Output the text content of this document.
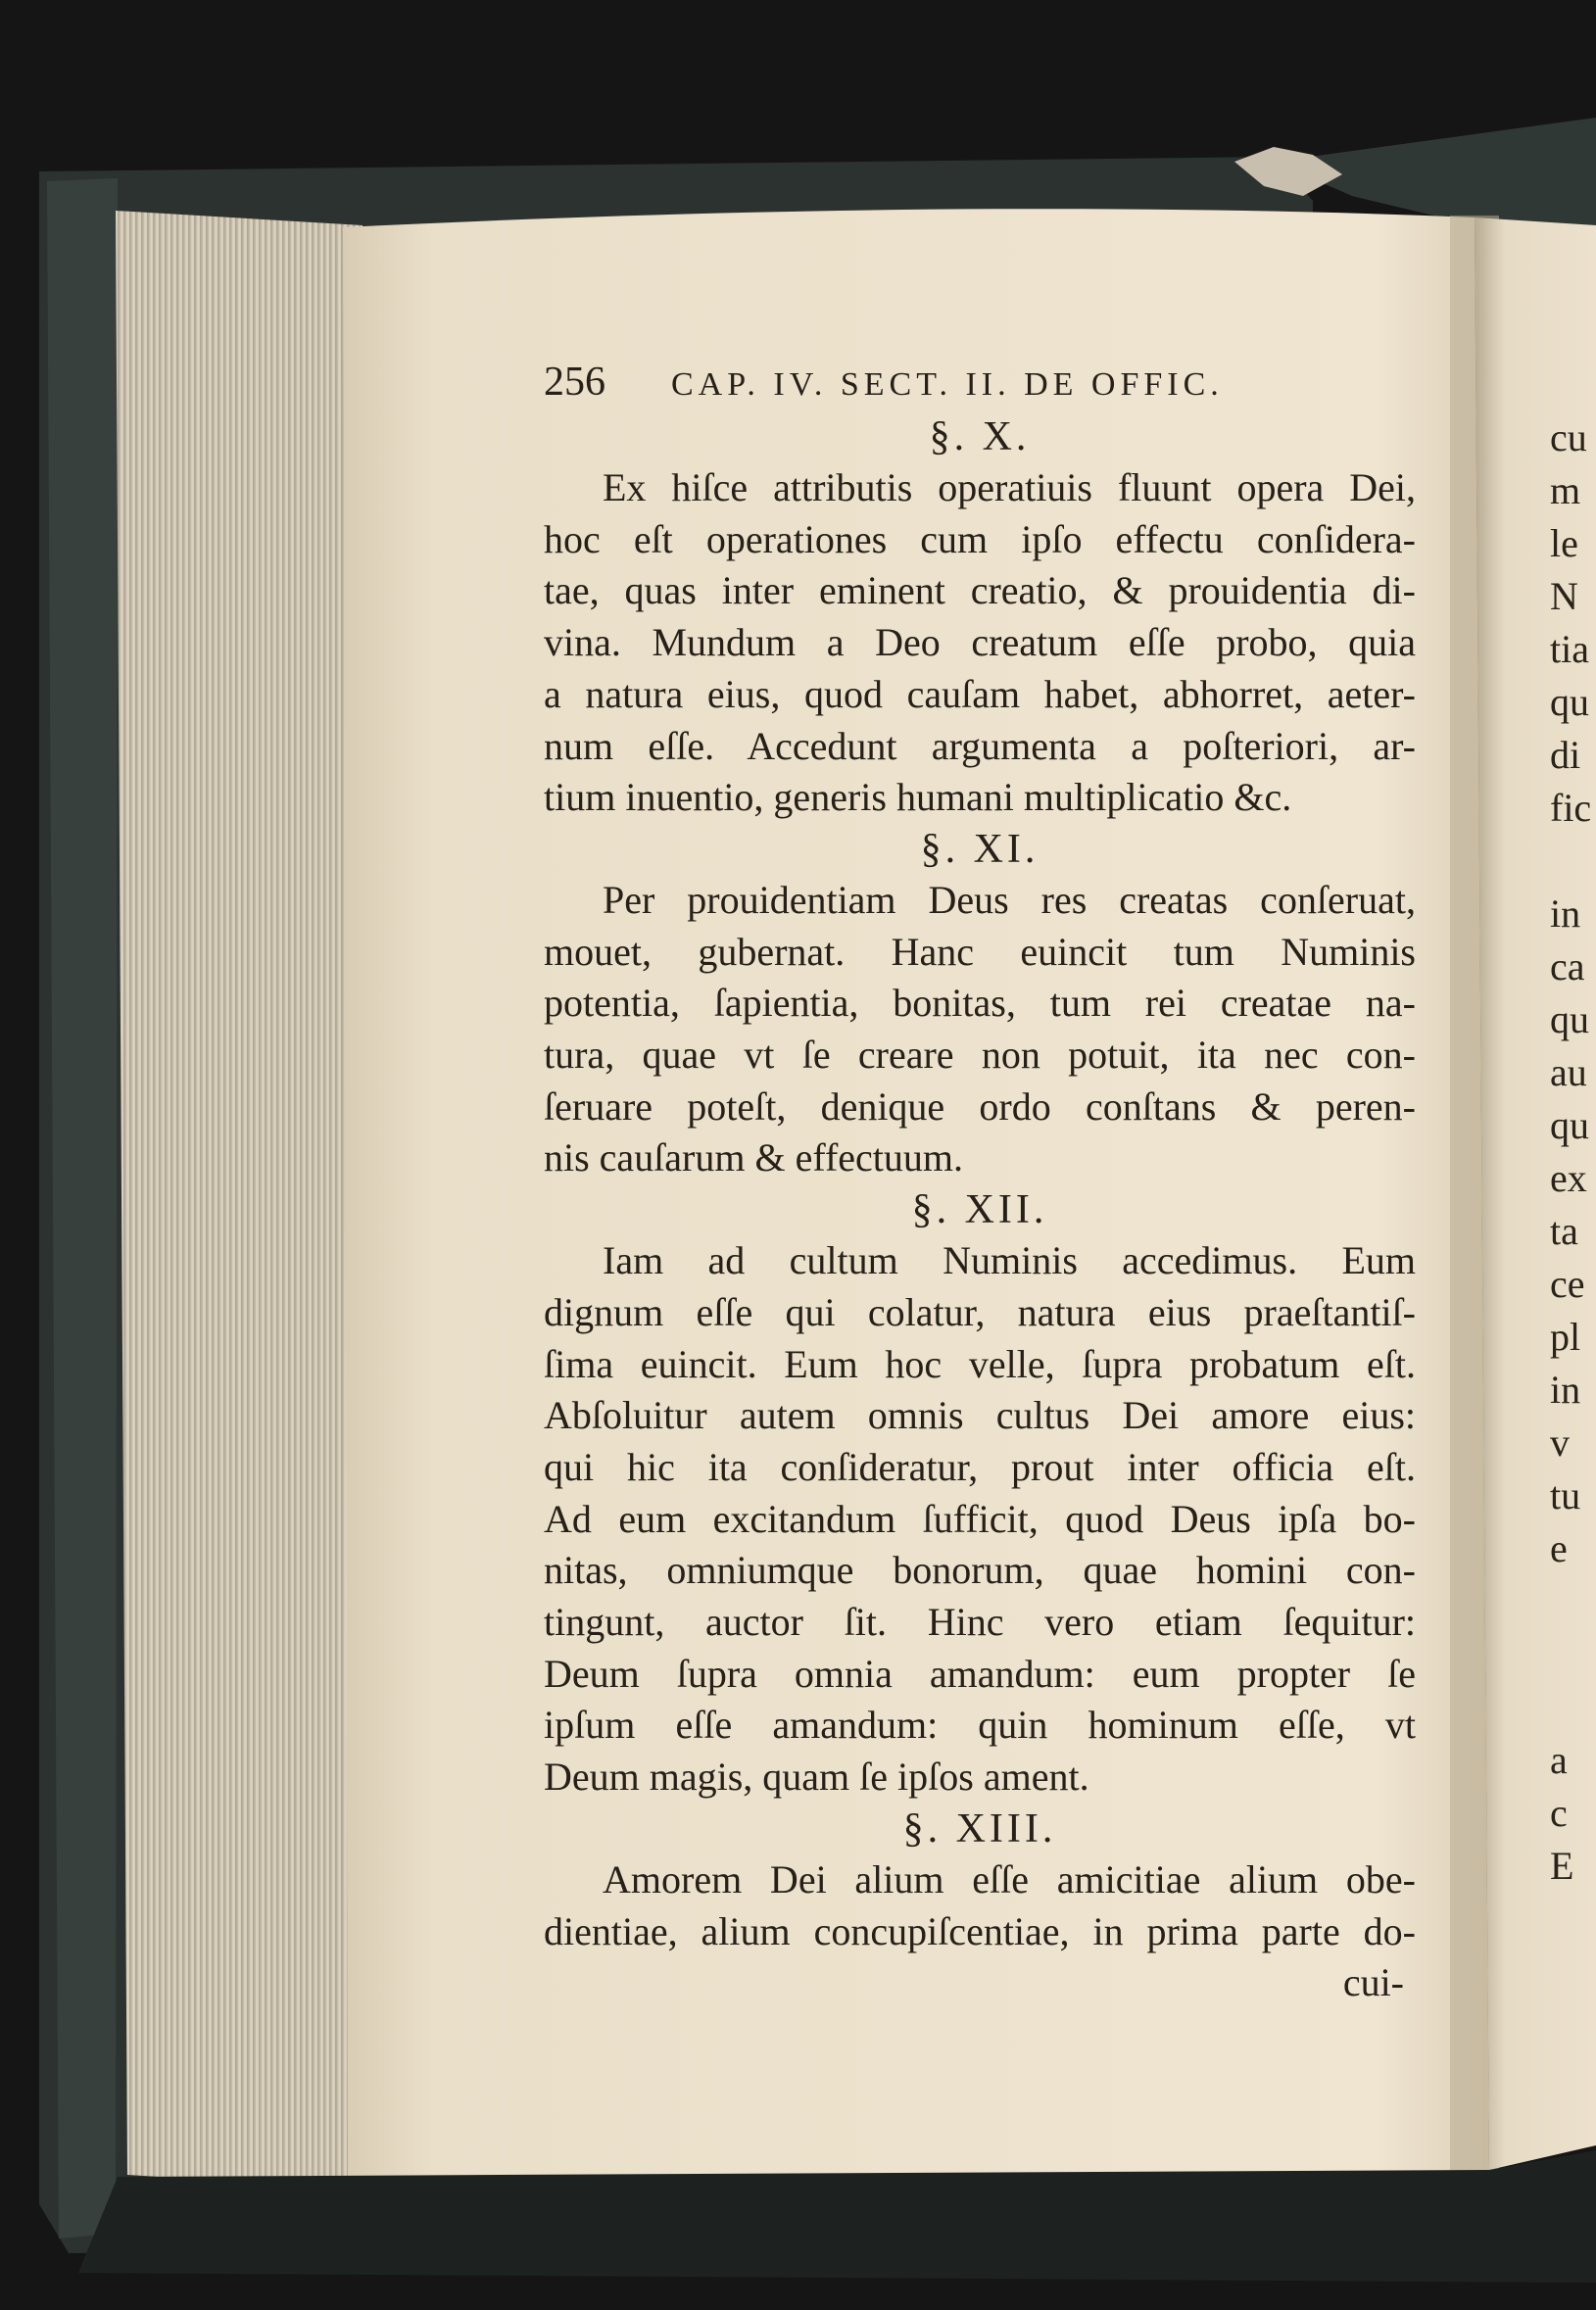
256 CAP. IV. SECT. II. DE OFFIC.
§. X.
Ex hiſce attributis operatiuis fluunt opera Dei,
hoc eſt operationes cum ipſo effectu conſidera-
tae, quas inter eminent creatio, & prouidentia di-
vina. Mundum a Deo creatum eſſe probo, quia
a natura eius, quod cauſam habet, abhorret, aeter-
num eſſe. Accedunt argumenta a poſteriori, ar-
tium inuentio, generis humani multiplicatio &c.
§. XI.
Per prouidentiam Deus res creatas conſeruat,
mouet, gubernat. Hanc euincit tum Numinis
potentia, ſapientia, bonitas, tum rei creatae na-
tura, quae vt ſe creare non potuit, ita nec con-
ſeruare poteſt, denique ordo conſtans & peren-
nis cauſarum & effectuum.
§. XII.
Iam ad cultum Numinis accedimus. Eum
dignum eſſe qui colatur, natura eius praeſtantiſ-
ſima euincit. Eum hoc velle, ſupra probatum eſt.
Abſoluitur autem omnis cultus Dei amore eius:
qui hic ita conſideratur, prout inter officia eſt.
Ad eum excitandum ſufficit, quod Deus ipſa bo-
nitas, omniumque bonorum, quae homini con-
tingunt, auctor ſit. Hinc vero etiam ſequitur:
Deum ſupra omnia amandum: eum propter ſe
ipſum eſſe amandum: quin hominum eſſe, vt
Deum magis, quam ſe ipſos ament.
§. XIII.
Amorem Dei alium eſſe amicitiae alium obe-
dientiae, alium concupiſcentiae, in prima parte do-
cui-
cu
m
le
N
tia
qu
di
fic
in
ca
qu
au
qu
ex
ta
ce
pl
in
v
tu
e
a
c
E
